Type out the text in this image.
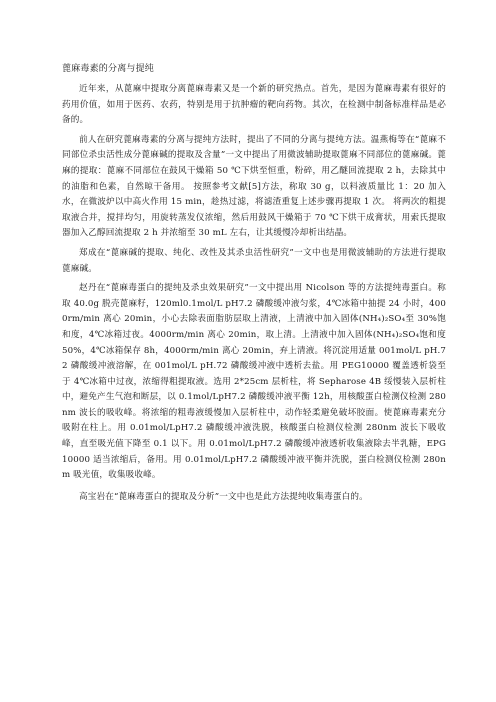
蓖麻毒素的分离与提纯

近年来，从蓖麻中提取分离蓖麻毒素又是一个新的研究热点。首先，是因为蓖麻毒素有很好的药用价值，如用于医药、农药，特别是用于抗肿瘤的靶向药物。其次，在检测中制备标准样品是必备的。

前人在研究蓖麻毒素的分离与提纯方法时，提出了不同的分离与提纯方法。温燕梅等在“蓖麻不同部位杀虫活性成分蓖麻碱的提取及含量”一文中提出了用微波辅助提取蓖麻不同部位的蓖麻碱。蓖麻的提取：蓖麻不同部位在鼓风干燥箱 50 ℃下烘至恒重，粉碎，用乙醚回流提取 2 h，去除其中的油脂和色素，自然晾干备用。 按照参考文献[5]方法，称取 30 g，以料液质量比 1：20 加入水，在微波炉以中高火作用 15 min，趁热过滤，将滤渣重复上述步骤再提取 1 次。 将两次的粗提取液合并，搅拌均匀，用旋转蒸发仪浓缩，然后用鼓风干燥箱于 70 ℃下烘干成膏状，用索氏提取器加入乙醇回流提取 2 h 并浓缩至 30 mL 左右，让其缓慢冷却析出结晶。

郑成在“蓖麻碱的提取、纯化、改性及其杀虫活性研究”一文中也是用微波辅助的方法进行提取蓖麻碱。

赵丹在“蓖麻毒蛋白的提纯及杀虫效果研究”一文中提出用 Nicolson 等的方法提纯毒蛋白。称取 40.0g 脱壳蓖麻籽，120ml0.1mol/L pH7.2 磷酸缓冲液匀浆，4℃冰箱中抽提 24 小时，4000rm/min 离心 20min，小心去除表面脂肪层取上清液，上清液中加入固体(NH₄)₂SO₄至 30%饱和度，4℃冰箱过夜。4000rm/min 离心 20min，取上清。上清液中加入固体(NH₄)₂SO₄饱和度 50%，4℃冰箱保存 8h，4000rm/min 离心 20min，弃上清液。将沉淀用适量 001mol/L pH.72 磷酸缓冲液溶解，在 001mol/L pH.72 磷酸缓冲液中透析去盐。用 PEG10000 覆盖透析袋至于 4℃冰箱中过夜，浓缩得粗提取液。选用 2*25cm 层析柱，将 Sepharose 4B 绥慢装入层析柱中，避免产生气泡和断层，以 0.1mol/LpH7.2 磷酸缓冲液平衡 12h，用核酸蛋白检测仪检测 280nm 波长的吸收峰。将浓缩的粗毒液缓慢加入层析柱中，动作轻柔避免破坏胶面。使蓖麻毒素充分吸附在柱上。用 0.01mol/LpH7.2 磷酸缓冲液洗脱，核酸蛋白检测仪检测 280nm 波长下吸收峰，直至吸光值下降至 0.1 以下。用 0.01mol/LpH7.2 磷酸缓冲液透析收集液除去半乳糖，EPG10000 适当浓缩后，备用。用 0.01mol/LpH7.2 磷酸缓冲液平衡并洗脱，蛋白检测仪检测 280nm 吸光值，收集吸收峰。

高宝岩在“蓖麻毒蛋白的提取及分析”一文中也是此方法提纯收集毒蛋白的。
